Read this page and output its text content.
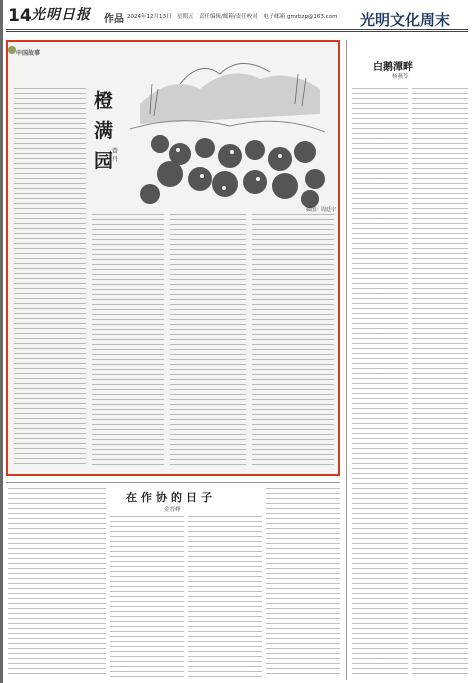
14 光明日报 作品 2024年12月13日　星期五　责任编辑/邮箱/责任校对　电子邮箱 gmrbzp@163.com 光明文化周末
中国故事
橙
满
园
曾丹
插图：周廷宇
白鹅潭畔
杨燕苓
在作协的日子
金晋峰
